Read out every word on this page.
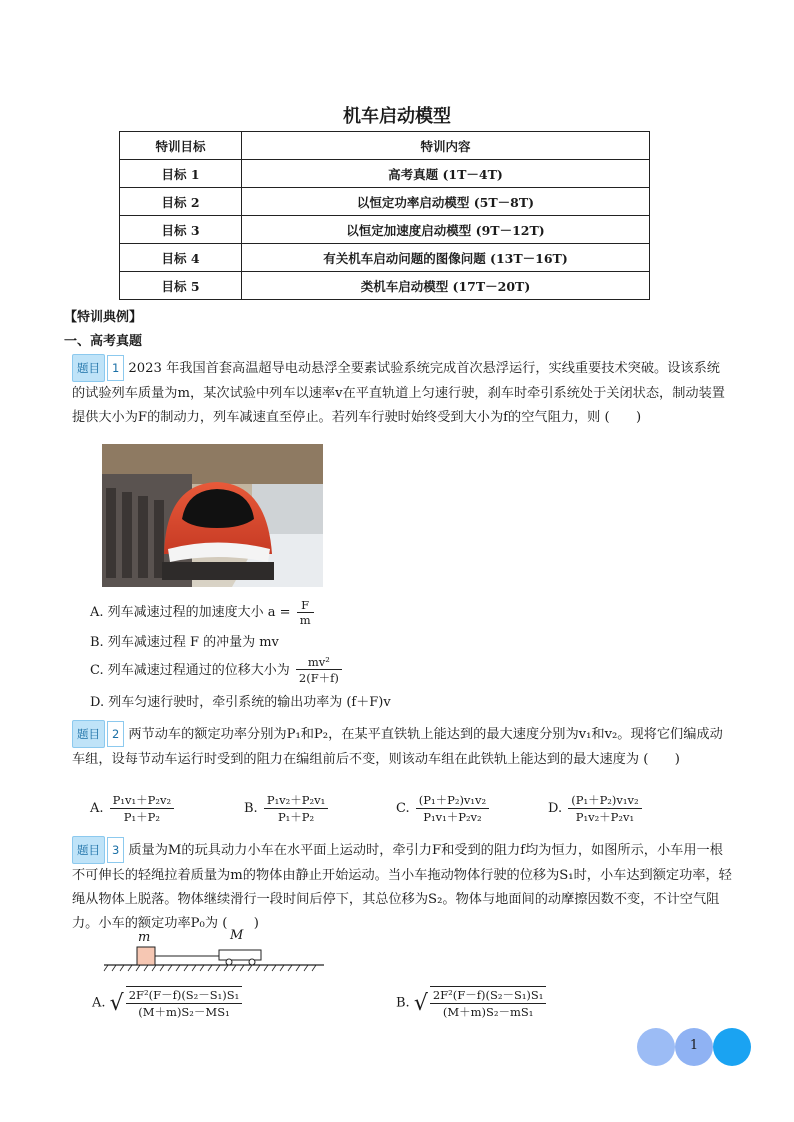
机车启动模型
特训目标	特训内容
目标 1	高考真题 (1T－4T)
目标 2	以恒定功率启动模型 (5T－8T)
目标 3	以恒定加速度启动模型 (9T－12T)
目标 4	有关机车启动问题的图像问题 (13T－16T)
目标 5	类机车启动模型 (17T－20T)
【特训典例】
一、高考真题
题目 1 2023 年我国首套高温超导电动悬浮全要素试验系统完成首次悬浮运行，实线重要技术突破。设该系统的试验列车质量为m，某次试验中列车以速率v在平直轨道上匀速行驶，刹车时牵引系统处于关闭状态，制动装置提供大小为F的制动力，列车减速直至停止。若列车行驶时始终受到大小为f的空气阻力，则 (　　)
A. 列车减速过程的加速度大小 $a = \frac{F}{m}$
B. 列车减速过程 F 的冲量为 mv
C. 列车减速过程通过的位移大小为 $\frac{\text{mv²}}{2(F+f)}$
D. 列车匀速行驶时，牵引系统的输出功率为 (f＋F)v
题目 2 两节动车的额定功率分别为P₁和P₂，在某平直铁轨上能达到的最大速度分别为v₁和v₂。现将它们编成动车组，设每节动车运行时受到的阻力在编组前后不变，则该动车组在此铁轨上能达到的最大速度为 (　　)
A. $\frac{\text{P₁v₁＋P₂v₂}}{\text{P₁＋P₂}}$	B. $\frac{\text{P₁v₂＋P₂v₁}}{\text{P₁＋P₂}}$	C. $\frac{\text{(P₁＋P₂)v₁v₂}}{\text{P₁v₁＋P₂v₂}}$	D. $\frac{\text{(P₁＋P₂)v₁v₂}}{\text{P₁v₂＋P₂v₁}}$
题目 3 质量为M的玩具动力小车在水平面上运动时，牵引力F和受到的阻力f均为恒力，如图所示，小车用一根不可伸长的轻绳拉着质量为m的物体由静止开始运动。当小车拖动物体行驶的位移为S₁时，小车达到额定功率，轻绳从物体上脱落。物体继续滑行一段时间后停下，其总位移为S₂。物体与地面间的动摩擦因数不变，不计空气阻力。小车的额定功率P₀为 (　　)
m	M
A. √ $\frac{\text{2F²(F－f)(S₂－S₁)S₁}}{\text{(M＋m)S₂－MS₁}}$	B. √ $\frac{\text{2F²(F－f)(S₂－S₁)S₁}}{\text{(M＋m)S₂－mS₁}}$
1
